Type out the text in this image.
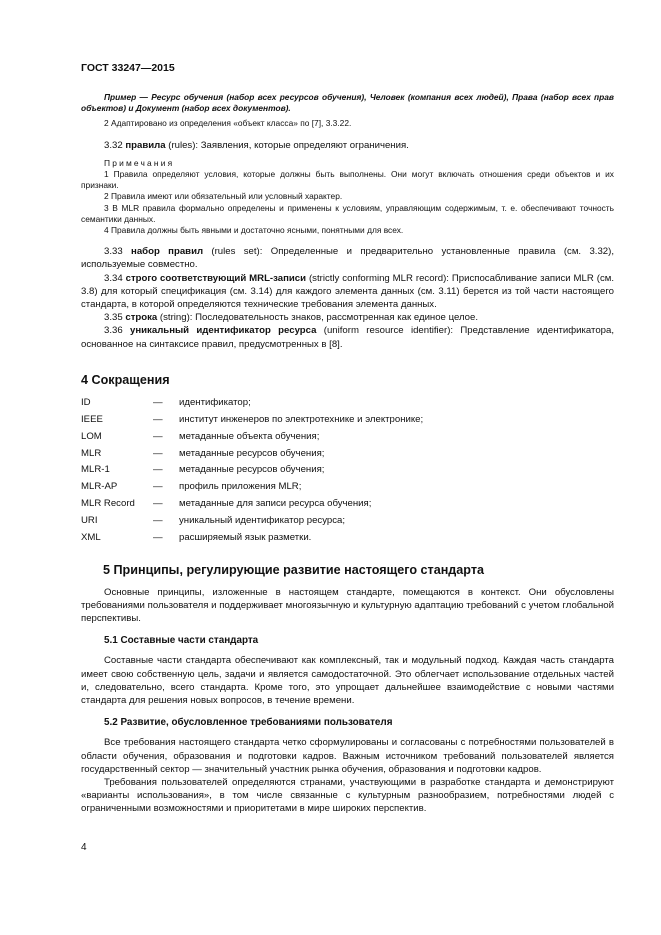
ГОСТ 33247—2015

Пример — Ресурс обучения (набор всех ресурсов обучения), Человек (компания всех людей), Права (набор всех прав объектов) и Документ (набор всех документов).

2 Адаптировано из определения «объект класса» по [7], 3.3.22.

3.32 правила (rules): Заявления, которые определяют ограничения.

Примечания

1 Правила определяют условия, которые должны быть выполнены. Они могут включать отношения среди объектов и их признаки.

2 Правила имеют или обязательный или условный характер.

3 В MLR правила формально определены и применены к условиям, управляющим содержимым, т. е. обеспечивают точность семантики данных.

4 Правила должны быть явными и достаточно ясными, понятными для всех.

3.33 набор правил (rules set): Определенные и предварительно установленные правила (см. 3.32), используемые совместно.

3.34 строго соответствующий MRL-записи (strictly conforming MLR record): Приспосабливание записи MLR (см. 3.8) для который спецификация (см. 3.14) для каждого элемента данных (см. 3.11) берется из той части настоящего стандарта, в которой определяются технические требования элемента данных.

3.35 строка (string): Последовательность знаков, рассмотренная как единое целое.

3.36 уникальный идентификатор ресурса (uniform resource identifier): Представление идентификатора, основанное на синтаксисе правил, предусмотренных в [8].

4 Сокращения
ID	—	идентификатор;
IEEE	—	институт инженеров по электротехнике и электронике;
LOM	—	метаданные объекта обучения;
MLR	—	метаданные ресурсов обучения;
MLR-1	—	метаданные ресурсов обучения;
MLR-AP	—	профиль приложения MLR;
MLR Record	—	метаданные для записи ресурса обучения;
URI	—	уникальный идентификатор ресурса;
XML	—	расширяемый язык разметки.
5 Принципы, регулирующие развитие настоящего стандарта

Основные принципы, изложенные в настоящем стандарте, помещаются в контекст. Они обусловлены требованиями пользователя и поддерживает многоязычную и культурную адаптацию требований с учетом глобальной перспективы.

5.1 Составные части стандарта

Составные части стандарта обеспечивают как комплексный, так и модульный подход. Каждая часть стандарта имеет свою собственную цель, задачи и является самодостаточной. Это облегчает использование отдельных частей и, следовательно, всего стандарта. Кроме того, это упрощает дальнейшее взаимодействие с новыми частями стандарта для решения новых вопросов, в течение времени.

5.2 Развитие, обусловленное требованиями пользователя

Все требования настоящего стандарта четко сформулированы и согласованы с потребностями пользователей в области обучения, образования и подготовки кадров. Важным источником требований пользователей является государственный сектор — значительный участник рынка обучения, образования и подготовки кадров.

Требования пользователей определяются странами, участвующими в разработке стандарта и демонстрируют «варианты использования», в том числе связанные с культурным разнообразием, потребностями людей с ограниченными возможностями и приоритетами в мире широких перспектив.

4
